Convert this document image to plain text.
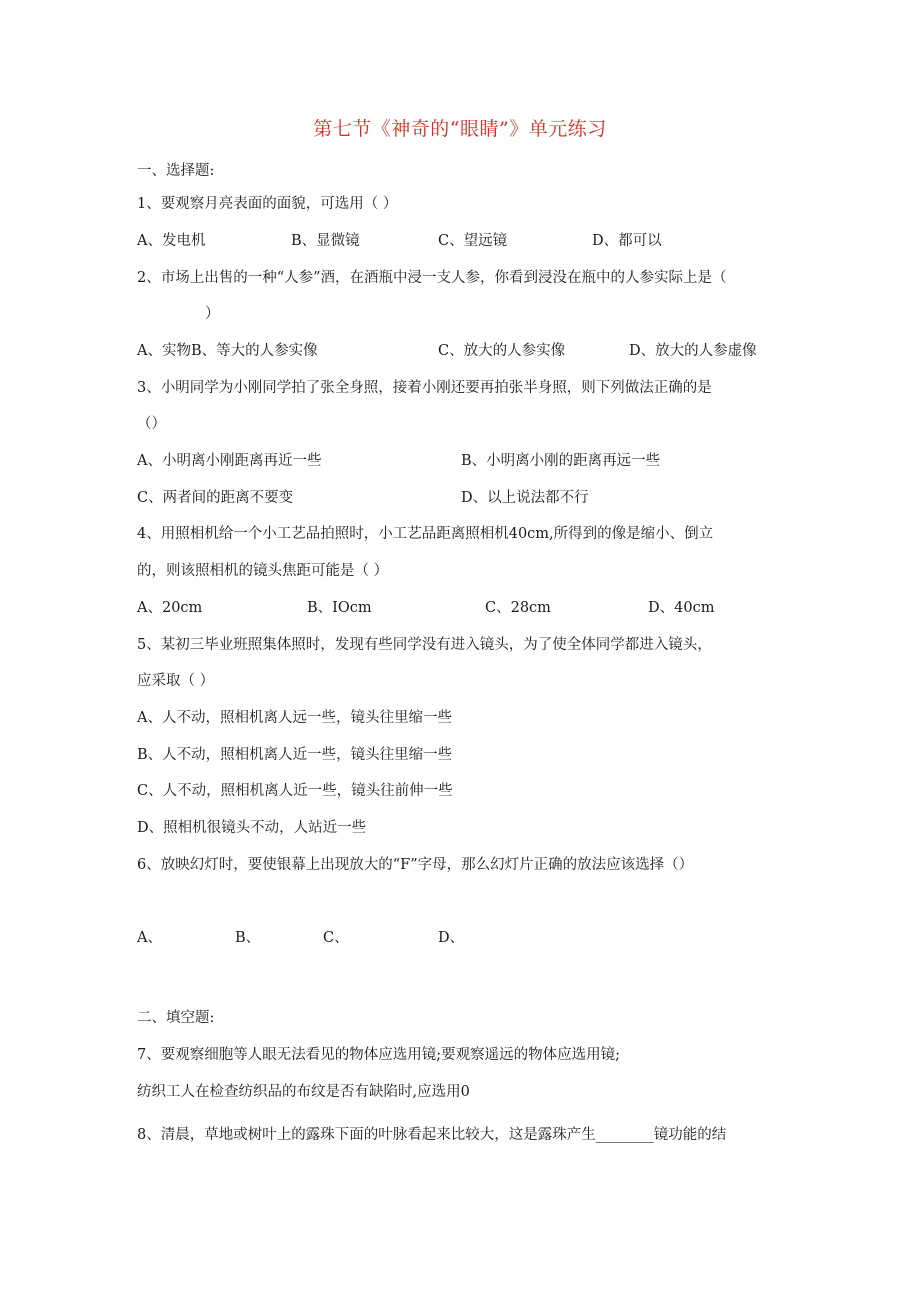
第七节《神奇的“眼睛”》单元练习
一、选择题:
1、要观察月亮表面的面貌，可选用（ ）
A、发电机	B、显微镜	C、望远镜	D、都可以
2、市场上出售的一种“人参”酒，在酒瓶中浸一支人参，你看到浸没在瓶中的人参实际上是（
）
A、实物B、等大的人参实像	C、放大的人参实像	D、放大的人参虚像
3、小明同学为小刚同学拍了张全身照，接着小刚还要再拍张半身照，则下列做法正确的是
（）
A、小明离小刚距离再近一些	B、小明离小刚的距离再远一些
C、两者间的距离不要变	D、以上说法都不行
4、用照相机给一个小工艺品拍照时，小工艺品距离照相机40cm,所得到的像是缩小、倒立
的，则该照相机的镜头焦距可能是（ ）
A、20cm	B、IOcm	C、28cm	D、40cm
5、某初三毕业班照集体照时，发现有些同学没有进入镜头，为了使全体同学都进入镜头，
应采取（ ）
A、人不动，照相机离人远一些，镜头往里缩一些
B、人不动，照相机离人近一些，镜头往里缩一些
C、人不动，照相机离人近一些，镜头往前伸一些
D、照相机很镜头不动，人站近一些
6、放映幻灯时，要使银幕上出现放大的“F”字母，那么幻灯片正确的放法应该选择（）
A、	B、	C、	D、
二、填空题:
7、要观察细胞等人眼无法看见的物体应选用镜;要观察遥远的物体应选用镜;
纺织工人在检查纺织品的布纹是否有缺陷时,应选用0
8、清晨，草地或树叶上的露珠下面的叶脉看起来比较大，这是露珠产生________镜功能的结
